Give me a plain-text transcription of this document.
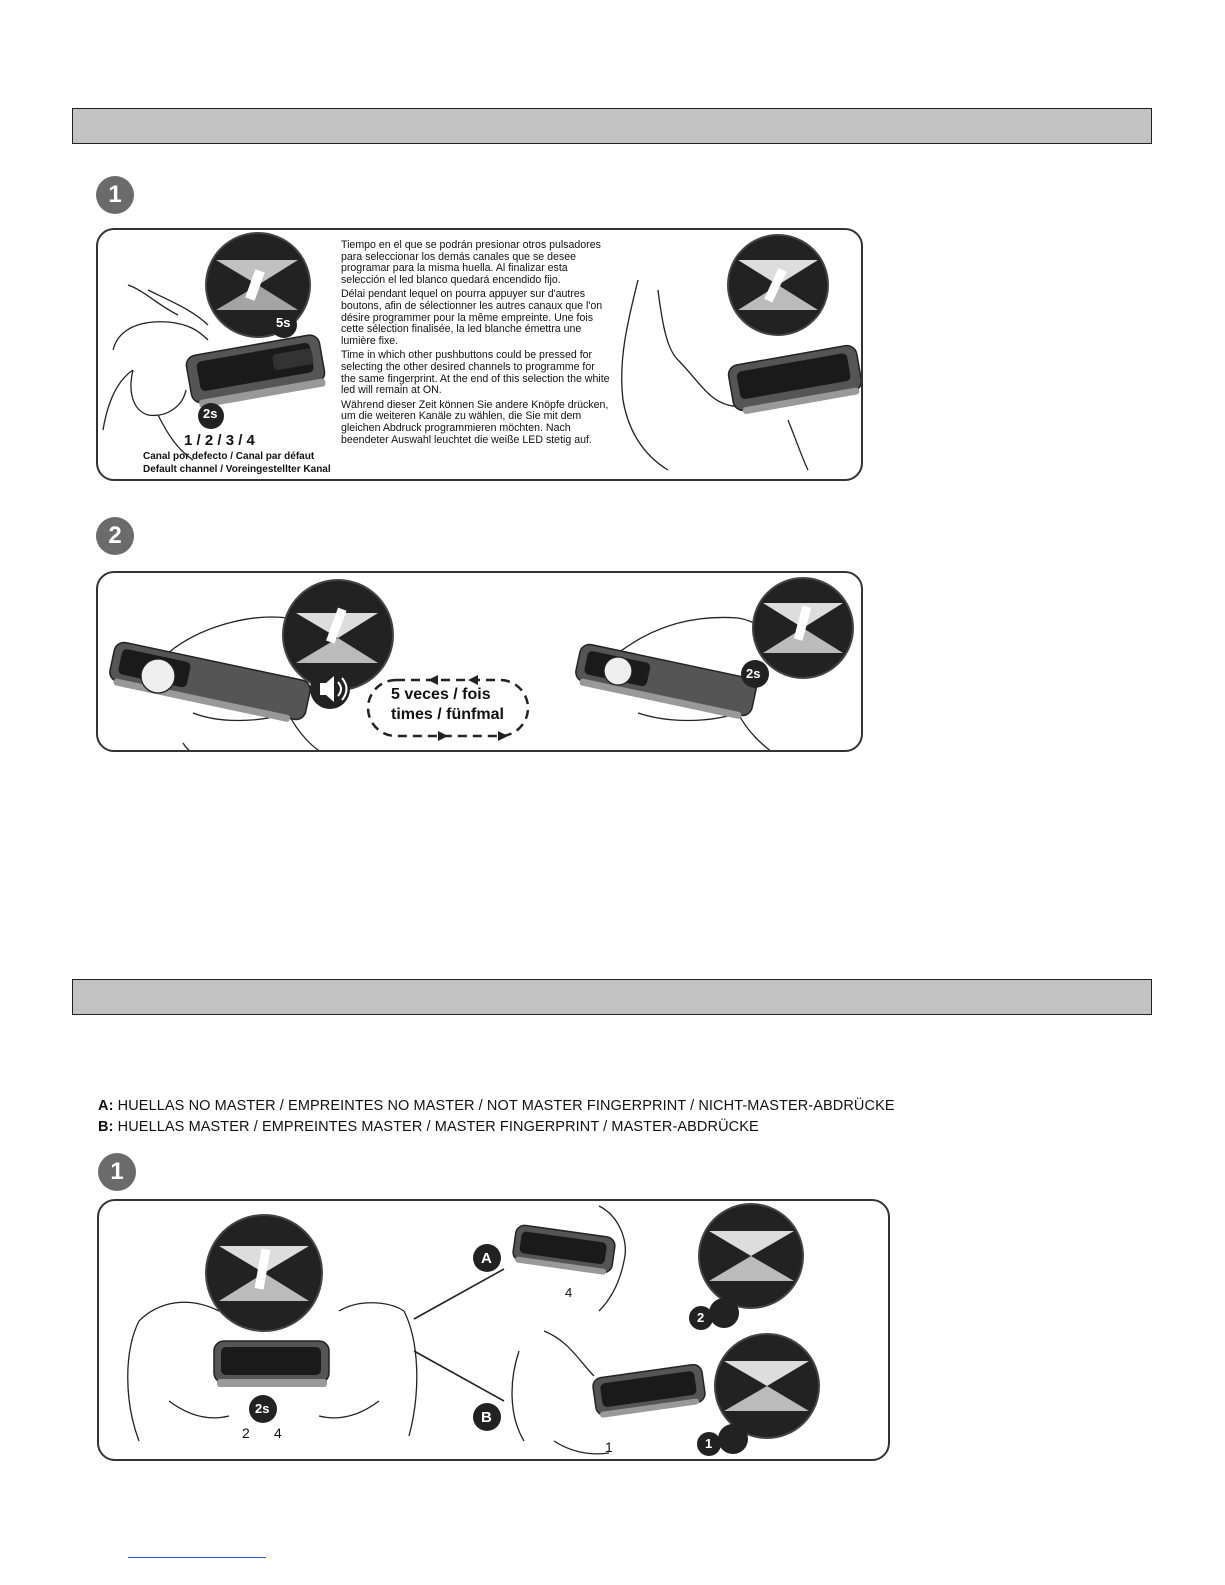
1
5s
2s
1 / 2 / 3 / 4
Canal por defecto / Canal par défaut
Default channel / Voreingestellter Kanal

Tiempo en el que se podrán presionar otros pulsadores para seleccionar los demás canales que se desee programar para la misma huella. Al finalizar esta selección el led blanco quedará encendido fijo.

Délai pendant lequel on pourra appuyer sur d'autres boutons, afin de sélectionner les autres canaux que l'on désire programmer pour la même empreinte. Une fois cette sélection finalisée, la led blanche émettra une lumière fixe.

Time in which other pushbuttons could be pressed for selecting the other desired channels to programme for the same fingerprint. At the end of this selection the white led will remain at ON.

Während dieser Zeit können Sie andere Knöpfe drücken, um die weiteren Kanäle zu wählen, die Sie mit dem gleichen Abdruck programmieren möchten. Nach beendeter Auswahl leuchtet die weiße LED stetig auf.

2
5 veces / fois
times / fünfmal
2s
A: HUELLAS NO MASTER / EMPREINTES NO MASTER / NOT MASTER FINGERPRINT / NICHT-MASTER-ABDRÜCKE
B: HUELLAS MASTER / EMPREINTES MASTER / MASTER FINGERPRINT / MASTER-ABDRÜCKE
1
2s
2 4
A
B
4
1
2
1
